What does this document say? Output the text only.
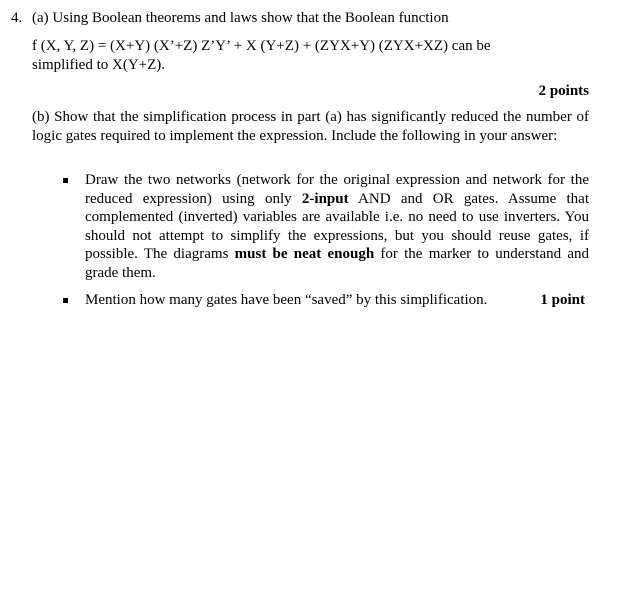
4. (a) Using Boolean theorems and laws show that the Boolean function
f (X, Y, Z) = (X+Y) (X’+Z) Z’Y’ + X (Y+Z) + (ZYX+Y) (ZYX+XZ) can be
simplified to X(Y+Z).
2 points
(b) Show that the simplification process in part (a) has significantly reduced the number of logic gates required to implement the expression. Include the following in your answer:
Draw the two networks (network for the original expression and network for the reduced expression) using only 2-input AND and OR gates. Assume that complemented (inverted) variables are available i.e. no need to use inverters. You should not attempt to simplify the expressions, but you should reuse gates, if possible. The diagrams must be neat enough for the marker to understand and grade them.
1 point
Mention how many gates have been “saved” by this simplification.
